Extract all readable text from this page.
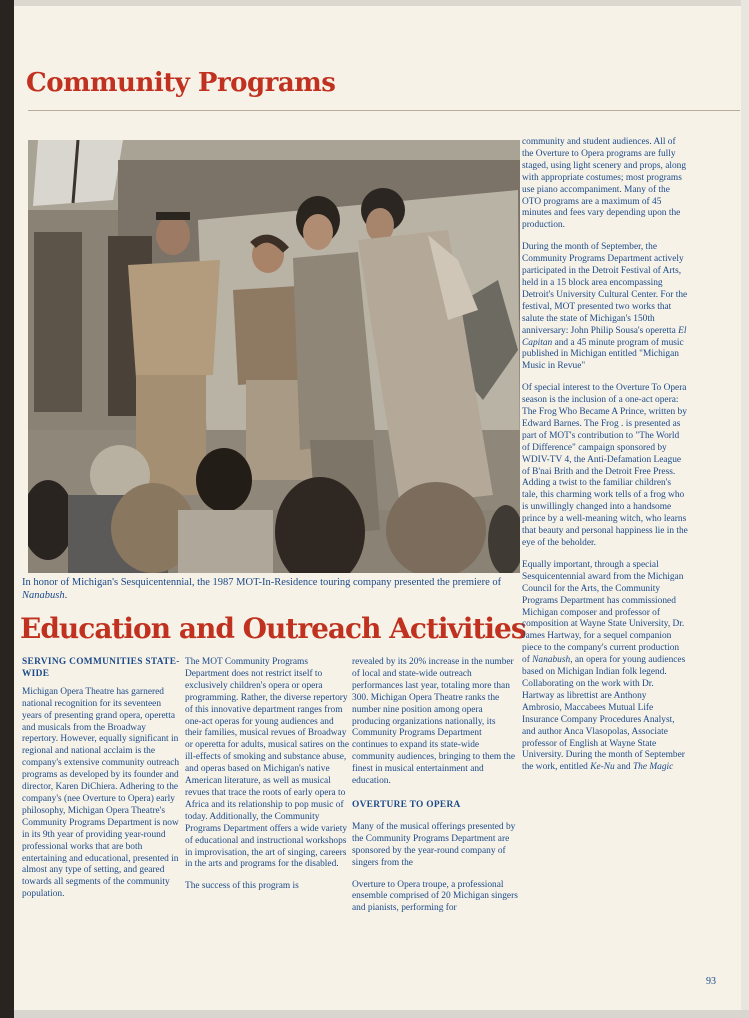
Community Programs
In honor of Michigan's Sesquicentennial, the 1987 MOT-In-Residence touring company presented the premiere of Nanabush.
Education and Outreach Activities

SERVING COMMUNITIES STATE-WIDE

Michigan Opera Theatre has garnered national recognition for its seventeen years of presenting grand opera, operetta and musicals from the Broadway repertory. However, equally significant in regional and national acclaim is the company's extensive community outreach programs as developed by its founder and director, Karen DiChiera. Adhering to the company's (nee Overture to Opera) early philosophy, Michigan Opera Theatre's Community Programs Department is now in its 9th year of providing year-round professional works that are both entertaining and educational, presented in almost any type of setting, and geared towards all segments of the community population.

The MOT Community Programs Department does not restrict itself to exclusively children's opera or opera programming. Rather, the diverse repertory of this innovative department ranges from one-act operas for young audiences and their families, musical revues of Broadway or operetta for adults, musical satires on the ill-effects of smoking and substance abuse, and operas based on Michigan's native American literature, as well as musical revues that trace the roots of early opera to Africa and its relationship to pop music of today. Additionally, the Community Programs Department offers a wide variety of educational and instructional workshops in improvisation, the art of singing, careers in the arts and programs for the disabled.

The success of this program is

revealed by its 20% increase in the number of local and state-wide outreach performances last year, totaling more than 300. Michigan Opera Theatre ranks the number nine position among opera producing organizations nationally, its Community Programs Department continues to expand its state-wide community audiences, bringing to them the finest in musical entertainment and education.

OVERTURE TO OPERA

Many of the musical offerings presented by the Community Programs Department are sponsored by the year-round company of singers from the

Overture to Opera troupe, a professional ensemble comprised of 20 Michigan singers and pianists, performing for

community and student audiences. All of the Overture to Opera programs are fully staged, using light scenery and props, along with appropriate costumes; most programs use piano accompaniment. Many of the OTO programs are a maximum of 45 minutes and fees vary depending upon the production.

During the month of September, the Community Programs Department actively participated in the Detroit Festival of Arts, held in a 15 block area encompassing Detroit's University Cultural Center. For the festival, MOT presented two works that salute the state of Michigan's 150th anniversary: John Philip Sousa's operetta El Capitan and a 45 minute program of music published in Michigan entitled "Michigan Music in Revue"

Of special interest to the Overture To Opera season is the inclusion of a one-act opera: The Frog Who Became A Prince, written by Edward Barnes. The Frog . is presented as part of MOT's contribution to "The World of Difference" campaign sponsored by WDIV-TV 4, the Anti-Defamation League of B'nai Brith and the Detroit Free Press. Adding a twist to the familiar children's tale, this charming work tells of a frog who is unwillingly changed into a handsome prince by a well-meaning witch, who learns that beauty and personal happiness lie in the eye of the beholder.

Equally important, through a special Sesquicentennial award from the Michigan Council for the Arts, the Community Programs Department has commissioned Michigan composer and professor of composition at Wayne State University, Dr. James Hartway, for a sequel companion piece to the company's current production of Nanabush, an opera for young audiences based on Michigan Indian folk legend. Collaborating on the work with Dr. Hartway as librettist are Anthony Ambrosio, Maccabees Mutual Life Insurance Company Procedures Analyst, and author Anca Vlasopolas, Associate professor of English at Wayne State University. During the month of September the work, entitled Ke-Nu and The Magic

93
